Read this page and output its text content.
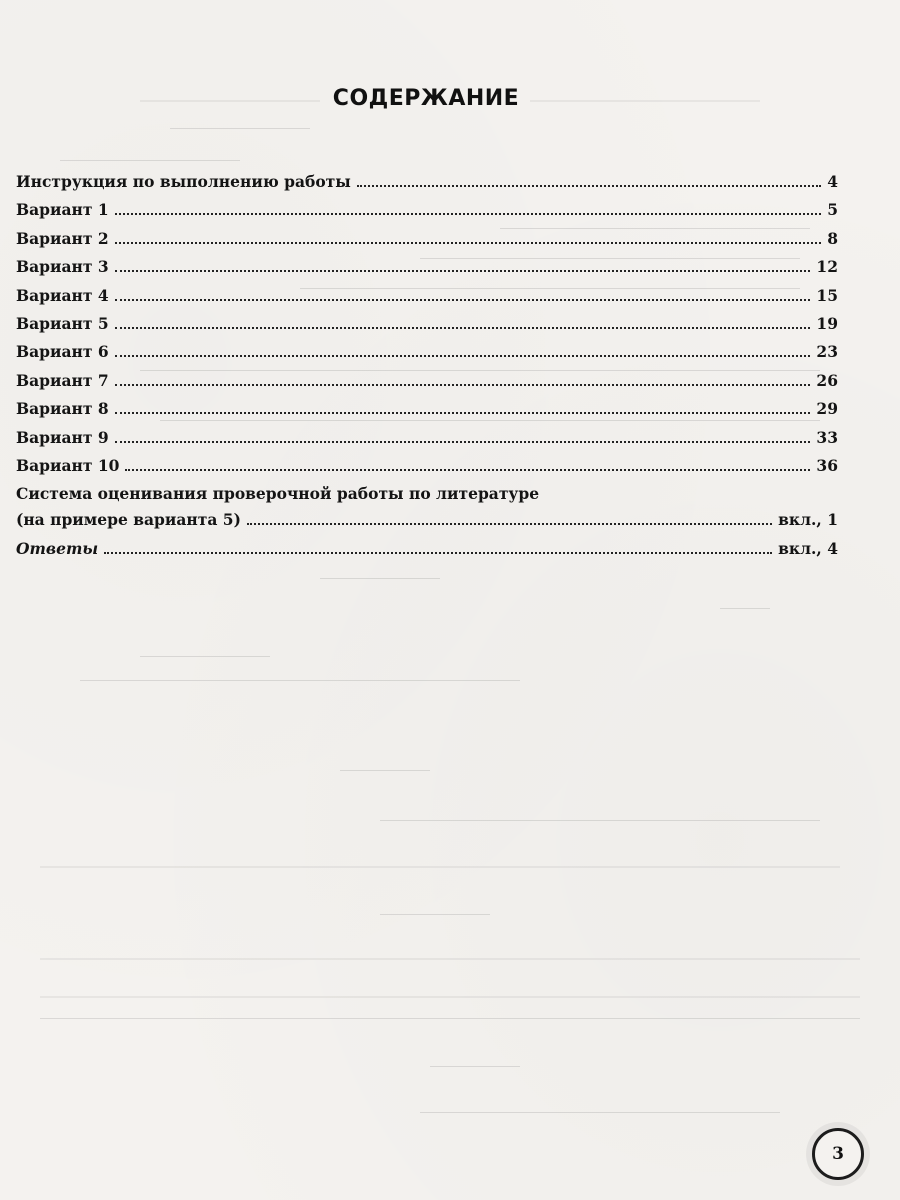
СОДЕРЖАНИЕ
Инструкция по выполнению работы	4
Вариант 1	5
Вариант 2	8
Вариант 3	12
Вариант 4	15
Вариант 5	19
Вариант 6	23
Вариант 7	26
Вариант 8	29
Вариант 9	33
Вариант 10	36
Система оценивания проверочной работы по литературе
(на примере варианта 5)	вкл., 1
Ответы	вкл., 4
3
